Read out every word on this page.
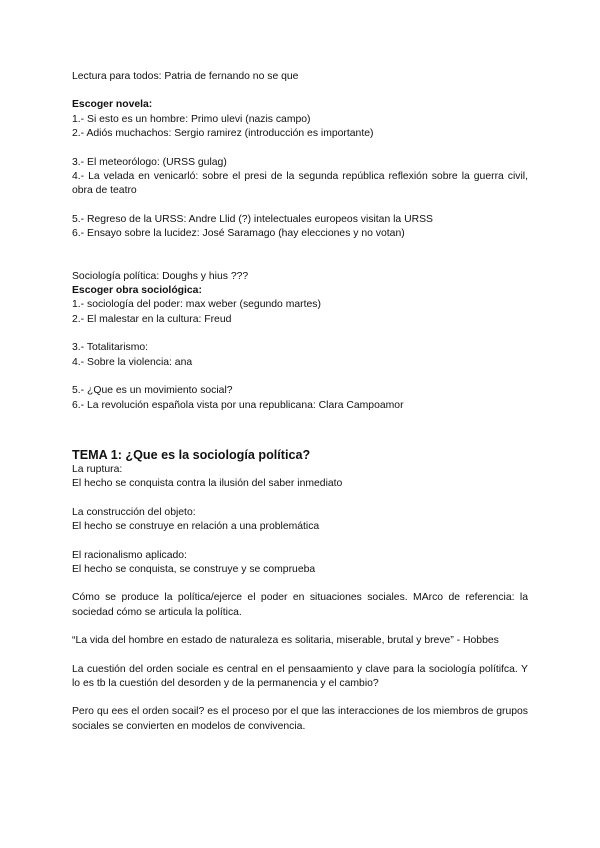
Lectura para todos: Patria de fernando no se que

Escoger novela:

1.- Si esto es un hombre: Primo ulevi (nazis campo)

2.- Adiós muchachos: Sergio ramirez (introducción es importante)

3.- El meteorólogo: (URSS gulag)

4.- La velada en venicarló: sobre el presi de la segunda república reflexión sobre la guerra civil, obra de teatro

5.- Regreso de la URSS: Andre Llid (?) intelectuales europeos visitan la URSS

6.- Ensayo sobre la lucidez: José Saramago (hay elecciones y no votan)

Sociología política: Doughs y hius ???

Escoger obra sociológica:

1.- sociología del poder: max weber (segundo martes)

2.- El malestar en la cultura: Freud

3.- Totalitarismo:

4.- Sobre la violencia: ana

5.- ¿Que es un movimiento social?

6.- La revolución española vista por una republicana: Clara Campoamor

TEMA 1: ¿Que es la sociología política?

La ruptura:

El hecho se conquista contra la ilusión del saber inmediato

La construcción del objeto:

El hecho se construye en relación a una problemática

El racionalismo aplicado:

El hecho se conquista, se construye y se comprueba

Cómo se produce la política/ejerce el poder en situaciones sociales. MArco de referencia: la sociedad cómo se articula la política.

“La vida del hombre en estado de naturaleza es solitaria, miserable, brutal y breve” - Hobbes

La cuestión del orden sociale es central en el pensaamiento y clave para la sociología polítifca. Y lo es tb la cuestión del desorden y de la permanencia y el cambio?

Pero qu ees el orden socail? es el proceso por el que las interacciones de los miembros de grupos sociales se convierten en modelos de convivencia.
